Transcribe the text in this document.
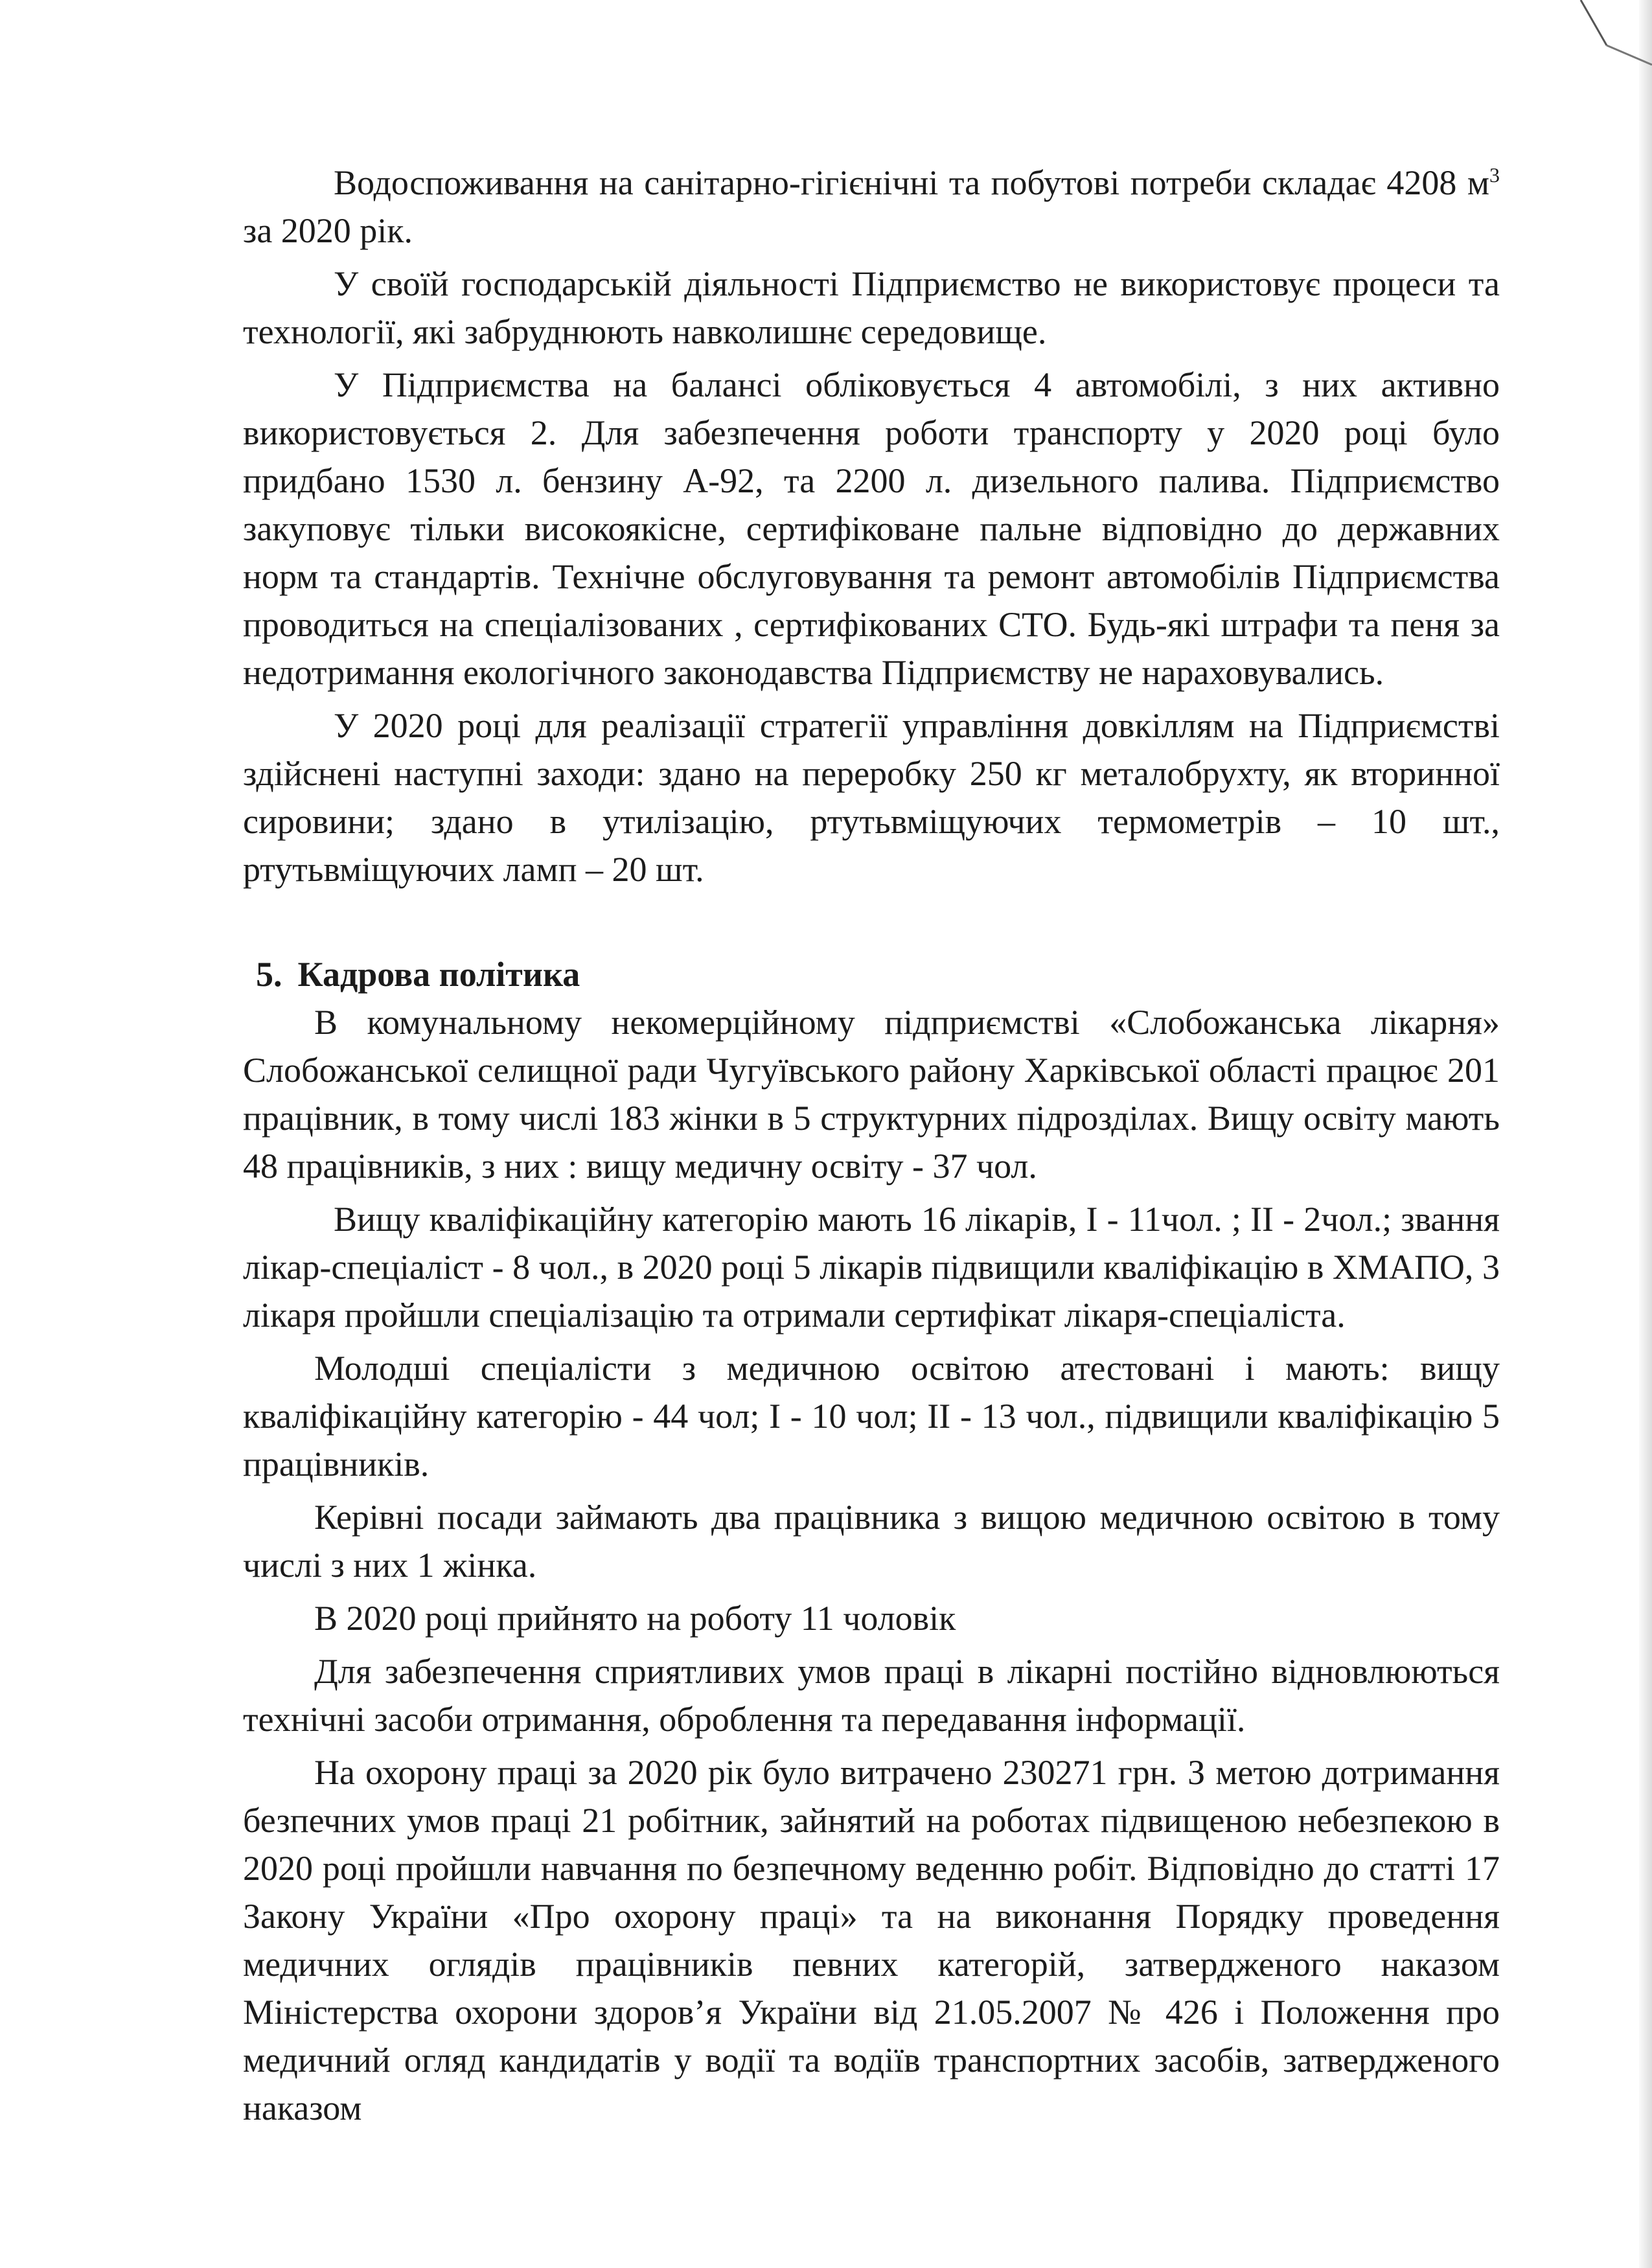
Водоспоживання на санітарно-гігієнічні та побутові потреби складає 4208 $м^3$ за 2020 рік.

У своїй господарській діяльності Підприємство не використовує процеси та технології, які забруднюють навколишнє середовище.

У Підприємства на балансі обліковується 4 автомобілі, з них активно використовується 2. Для забезпечення роботи транспорту у 2020 році було придбано 1530 л. бензину А-92, та 2200 л. дизельного палива. Підприємство закуповує тільки високоякісне, сертифіковане пальне відповідно до державних норм та стандартів. Технічне обслуговування та ремонт автомобілів Підприємства проводиться на спеціалізованих , сертифікованих СТО. Будь-які штрафи та пеня за недотримання екологічного законодавства Підприємству не нараховувались.

У 2020 році для реалізації стратегії управління довкіллям на Підприємстві здійснені наступні заходи: здано на переробку 250 кг металобрухту, як вторинної сировини; здано в утилізацію, ртутьвміщуючих термометрів – 10 шт., ртутьвміщуючих ламп – 20 шт.

5. Кадрова політика

В комунальному некомерційному підприємстві «Слобожанська лікарня» Слобожанської селищної ради Чугуївського району Харківської області працює 201 працівник, в тому числі 183 жінки в 5 структурних підрозділах. Вищу освіту мають 48 працівників, з них : вищу медичну освіту - 37 чол.

Вищу кваліфікаційну категорію мають 16 лікарів, І - 11чол. ; ІІ - 2чол.; звання лікар-спеціаліст - 8 чол., в 2020 році 5 лікарів підвищили кваліфікацію в ХМАПО, 3 лікаря пройшли спеціалізацію та отримали сертифікат лікаря-спеціаліста.

Молодші спеціалісти з медичною освітою атестовані і мають: вищу кваліфікаційну категорію - 44 чол; І - 10 чол; ІІ - 13 чол., підвищили кваліфікацію 5 працівників.

Керівні посади займають два працівника з вищою медичною освітою в тому числі з них 1 жінка.

В 2020 році прийнято на роботу 11 чоловік

Для забезпечення сприятливих умов праці в лікарні постійно відновлюються технічні засоби отримання, оброблення та передавання інформації.

На охорону праці за 2020 рік було витрачено 230271 грн. З метою дотримання безпечних умов праці 21 робітник, зайнятий на роботах підвищеною небезпекою в 2020 році пройшли навчання по безпечному веденню робіт. Відповідно до статті 17 Закону України «Про охорону праці» та на виконання Порядку проведення медичних оглядів працівників певних категорій, затвердженого наказом Міністерства охорони здоров’я України від 21.05.2007 № 426 і Положення про медичний огляд кандидатів у водії та водіїв транспортних засобів, затвердженого наказом
